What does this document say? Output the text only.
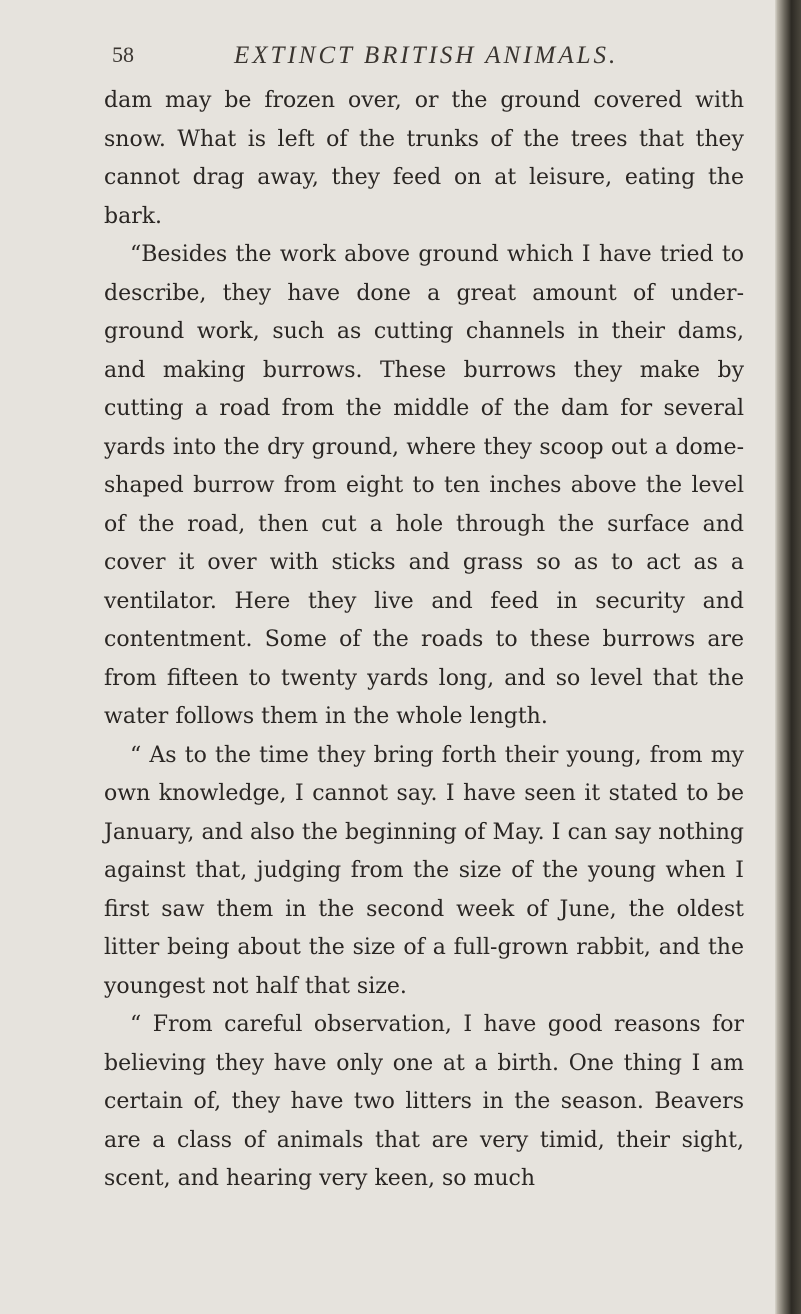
58	EXTINCT BRITISH ANIMALS.

dam may be frozen over, or the ground covered with snow. What is left of the trunks of the trees that they cannot drag away, they feed on at leisure, eating the bark.

“Besides the work above ground which I have tried to describe, they have done a great amount of under-ground work, such as cutting channels in their dams, and making burrows. These burrows they make by cutting a road from the middle of the dam for several yards into the dry ground, where they scoop out a dome-shaped burrow from eight to ten inches above the level of the road, then cut a hole through the surface and cover it over with sticks and grass so as to act as a ventilator. Here they live and feed in security and contentment. Some of the roads to these burrows are from fifteen to twenty yards long, and so level that the water follows them in the whole length.

“ As to the time they bring forth their young, from my own knowledge, I cannot say. I have seen it stated to be January, and also the beginning of May. I can say nothing against that, judging from the size of the young when I first saw them in the second week of June, the oldest litter being about the size of a full-grown rabbit, and the youngest not half that size.

“ From careful observation, I have good reasons for believing they have only one at a birth. One thing I am certain of, they have two litters in the season. Beavers are a class of animals that are very timid, their sight, scent, and hearing very keen, so much
